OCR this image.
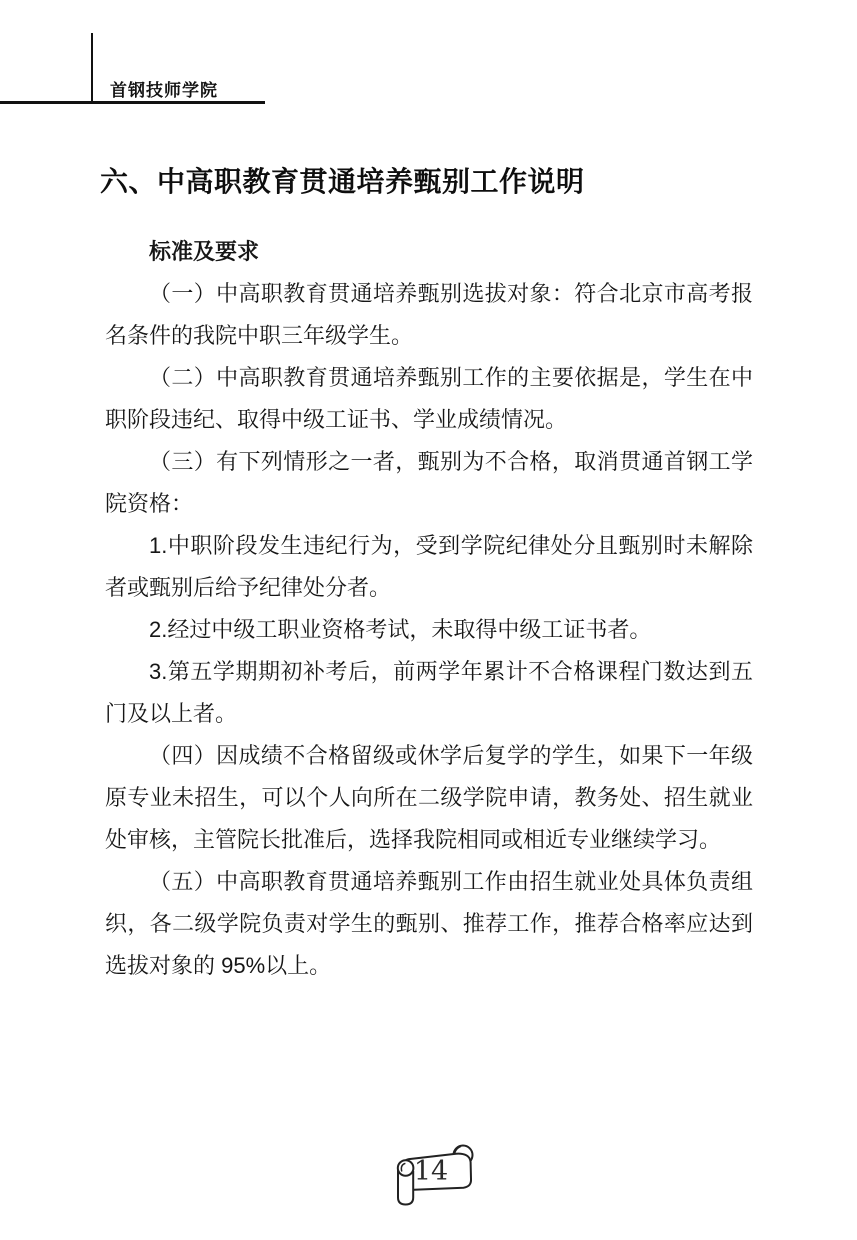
首钢技师学院
六、中高职教育贯通培养甄别工作说明

标准及要求

（一）中高职教育贯通培养甄别选拔对象：符合北京市高考报名条件的我院中职三年级学生。

（二）中高职教育贯通培养甄别工作的主要依据是，学生在中职阶段违纪、取得中级工证书、学业成绩情况。

（三）有下列情形之一者，甄别为不合格，取消贯通首钢工学院资格：

1.中职阶段发生违纪行为，受到学院纪律处分且甄别时未解除者或甄别后给予纪律处分者。

2.经过中级工职业资格考试，未取得中级工证书者。

3.第五学期期初补考后，前两学年累计不合格课程门数达到五门及以上者。

（四）因成绩不合格留级或休学后复学的学生，如果下一年级原专业未招生，可以个人向所在二级学院申请，教务处、招生就业处审核，主管院长批准后，选择我院相同或相近专业继续学习。

（五）中高职教育贯通培养甄别工作由招生就业处具体负责组织，各二级学院负责对学生的甄别、推荐工作，推荐合格率应达到选拔对象的 95%以上。

14
